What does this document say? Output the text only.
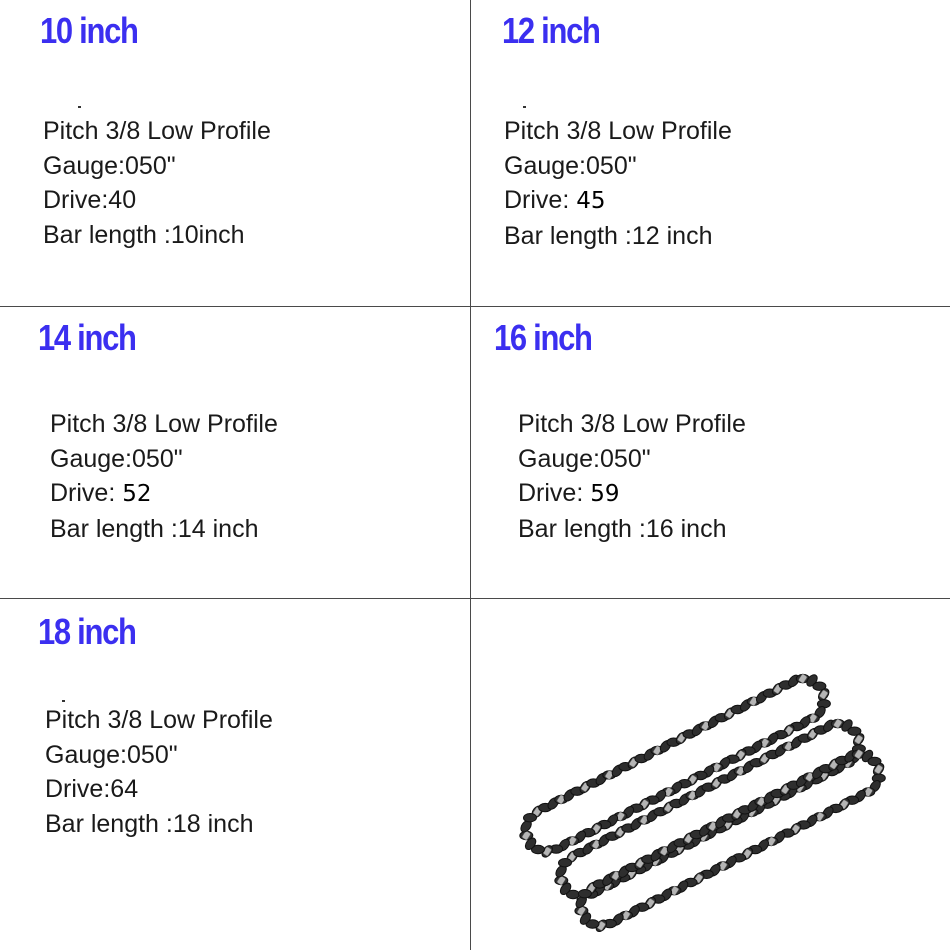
10 inch
Pitch 3/8 Low Profile
Gauge:050"
Drive:40
Bar length :10inch
12 inch
Pitch 3/8 Low Profile
Gauge:050"
Drive: 45
Bar length :12 inch
14 inch
Pitch 3/8 Low Profile
Gauge:050"
Drive: 52
Bar length :14 inch
16 inch
Pitch 3/8 Low Profile
Gauge:050"
Drive: 59
Bar length :16 inch
18 inch
Pitch 3/8 Low Profile
Gauge:050"
Drive:64
Bar length :18 inch
